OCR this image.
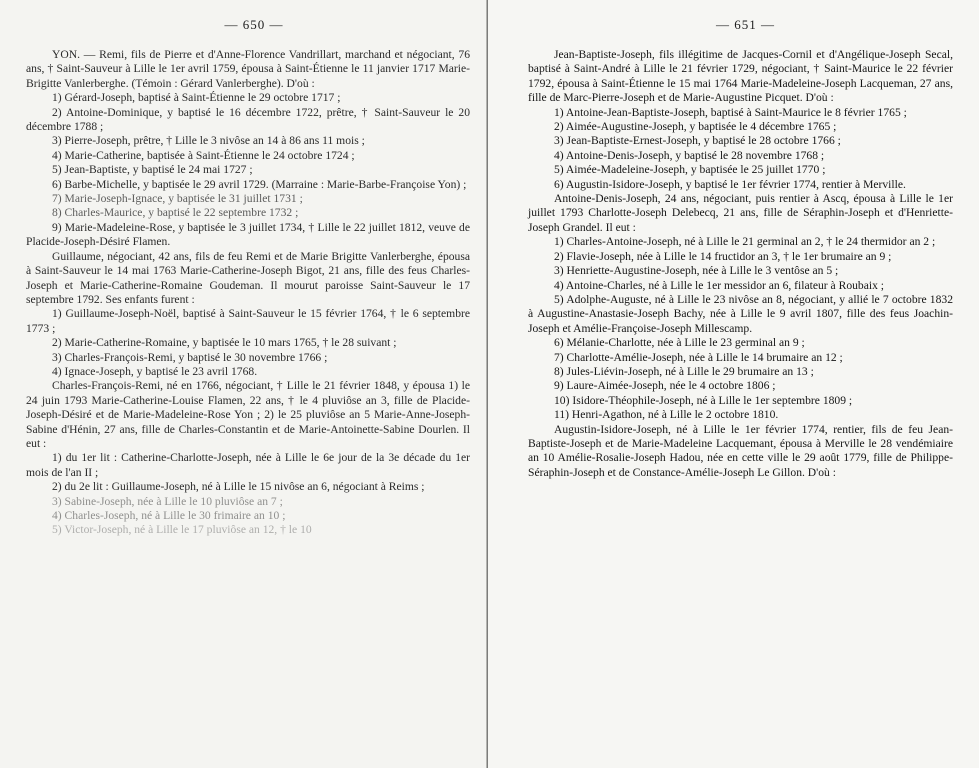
— 650 —

YON. — Remi, fils de Pierre et d'Anne-Florence Vandrillart, marchand et négociant, 76 ans, † Saint-Sauveur à Lille le 1er avril 1759, épousa à Saint-Étienne le 11 janvier 1717 Marie-Brigitte Vanlerberghe. (Témoin : Gérard Vanlerberghe). D'où :

1) Gérard-Joseph, baptisé à Saint-Étienne le 29 octobre 1717 ;

2) Antoine-Dominique, y baptisé le 16 décembre 1722, prêtre, † Saint-Sauveur le 20 décembre 1788 ;

3) Pierre-Joseph, prêtre, † Lille le 3 nivôse an 14 à 86 ans 11 mois ;

4) Marie-Catherine, baptisée à Saint-Étienne le 24 octobre 1724 ;

5) Jean-Baptiste, y baptisé le 24 mai 1727 ;

6) Barbe-Michelle, y baptisée le 29 avril 1729. (Marraine : Marie-Barbe-Françoise Yon) ;

7) Marie-Joseph-Ignace, y baptisée le 31 juillet 1731 ;

8) Charles-Maurice, y baptisé le 22 septembre 1732 ;

9) Marie-Madeleine-Rose, y baptisée le 3 juillet 1734, † Lille le 22 juillet 1812, veuve de Placide-Joseph-Désiré Flamen.

Guillaume, négociant, 42 ans, fils de feu Remi et de Marie Brigitte Vanlerberghe, épousa à Saint-Sauveur le 14 mai 1763 Marie-Catherine-Joseph Bigot, 21 ans, fille des feus Charles-Joseph et Marie-Catherine-Romaine Goudeman. Il mourut paroisse Saint-Sauveur le 17 septembre 1792. Ses enfants furent :

1) Guillaume-Joseph-Noël, baptisé à Saint-Sauveur le 15 février 1764, † le 6 septembre 1773 ;

2) Marie-Catherine-Romaine, y baptisée le 10 mars 1765, † le 28 suivant ;

3) Charles-François-Remi, y baptisé le 30 novembre 1766 ;

4) Ignace-Joseph, y baptisé le 23 avril 1768.

Charles-François-Remi, né en 1766, négociant, † Lille le 21 février 1848, y épousa 1) le 24 juin 1793 Marie-Catherine-Louise Flamen, 22 ans, † le 4 pluviôse an 3, fille de Placide-Joseph-Désiré et de Marie-Madeleine-Rose Yon ; 2) le 25 pluviôse an 5 Marie-Anne-Joseph-Sabine d'Hénin, 27 ans, fille de Charles-Constantin et de Marie-Antoinette-Sabine Dourlen. Il eut :

1) du 1er lit : Catherine-Charlotte-Joseph, née à Lille le 6e jour de la 3e décade du 1er mois de l'an II ;

2) du 2e lit : Guillaume-Joseph, né à Lille le 15 nivôse an 6, négociant à Reims ;

3) Sabine-Joseph, née à Lille le 10 pluviôse an 7 ;

4) Charles-Joseph, né à Lille le 30 frimaire an 10 ;

5) Victor-Joseph, né à Lille le 17 pluviôse an 12, † le 10

— 651 —

Jean-Baptiste-Joseph, fils illégitime de Jacques-Cornil et d'Angélique-Joseph Secal, baptisé à Saint-André à Lille le 21 février 1729, négociant, † Saint-Maurice le 22 février 1792, épousa à Saint-Étienne le 15 mai 1764 Marie-Madeleine-Joseph Lacqueman, 27 ans, fille de Marc-Pierre-Joseph et de Marie-Augustine Picquet. D'où :

1) Antoine-Jean-Baptiste-Joseph, baptisé à Saint-Maurice le 8 février 1765 ;

2) Aimée-Augustine-Joseph, y baptisée le 4 décembre 1765 ;

3) Jean-Baptiste-Ernest-Joseph, y baptisé le 28 octobre 1766 ;

4) Antoine-Denis-Joseph, y baptisé le 28 novembre 1768 ;

5) Aimée-Madeleine-Joseph, y baptisée le 25 juillet 1770 ;

6) Augustin-Isidore-Joseph, y baptisé le 1er février 1774, rentier à Merville.

Antoine-Denis-Joseph, 24 ans, négociant, puis rentier à Ascq, épousa à Lille le 1er juillet 1793 Charlotte-Joseph Delebecq, 21 ans, fille de Séraphin-Joseph et d'Henriette-Joseph Grandel. Il eut :

1) Charles-Antoine-Joseph, né à Lille le 21 germinal an 2, † le 24 thermidor an 2 ;

2) Flavie-Joseph, née à Lille le 14 fructidor an 3, † le 1er brumaire an 9 ;

3) Henriette-Augustine-Joseph, née à Lille le 3 ventôse an 5 ;

4) Antoine-Charles, né à Lille le 1er messidor an 6, filateur à Roubaix ;

5) Adolphe-Auguste, né à Lille le 23 nivôse an 8, négociant, y allié le 7 octobre 1832 à Augustine-Anastasie-Joseph Bachy, née à Lille le 9 avril 1807, fille des feus Joachin-Joseph et Amélie-Françoise-Joseph Millescamp.

6) Mélanie-Charlotte, née à Lille le 23 germinal an 9 ;

7) Charlotte-Amélie-Joseph, née à Lille le 14 brumaire an 12 ;

8) Jules-Liévin-Joseph, né à Lille le 29 brumaire an 13 ;

9) Laure-Aimée-Joseph, née le 4 octobre 1806 ;

10) Isidore-Théophile-Joseph, né à Lille le 1er septembre 1809 ;

11) Henri-Agathon, né à Lille le 2 octobre 1810.

Augustin-Isidore-Joseph, né à Lille le 1er février 1774, rentier, fils de feu Jean-Baptiste-Joseph et de Marie-Madeleine Lacquemant, épousa à Merville le 28 vendémiaire an 10 Amélie-Rosalie-Joseph Hadou, née en cette ville le 29 août 1779, fille de Philippe-Séraphin-Joseph et de Constance-Amélie-Joseph Le Gillon. D'où :
